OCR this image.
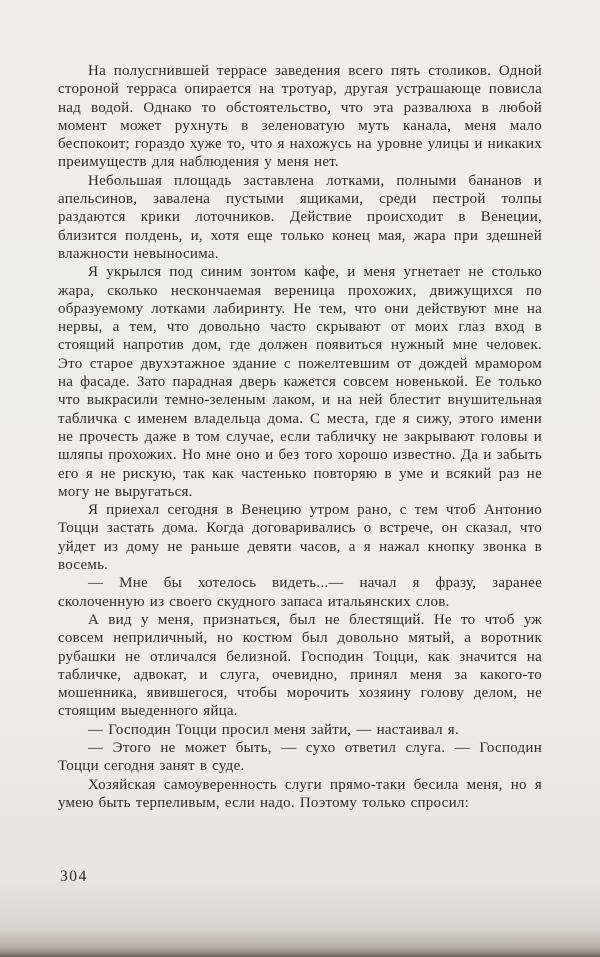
На полусгнившей террасе заведения всего пять столиков. Одной стороной терраса опирается на тротуар, другая устрашающе повисла над водой. Однако то обстоятельство, что эта развалюха в любой момент может рухнуть в зеленоватую муть канала, меня мало беспокоит; гораздо хуже то, что я нахожусь на уровне улицы и никаких преимуществ для наблюдения у меня нет.

Небольшая площадь заставлена лотками, полными бананов и апельсинов, завалена пустыми ящиками, среди пестрой толпы раздаются крики лоточников. Действие происходит в Венеции, близится полдень, и, хотя еще только конец мая, жара при здешней влажности невыносима.

Я укрылся под синим зонтом кафе, и меня угнетает не столько жара, сколько нескончаемая вереница прохожих, движущихся по образуемому лотками лабиринту. Не тем, что они действуют мне на нервы, а тем, что довольно часто скрывают от моих глаз вход в стоящий напротив дом, где должен появиться нужный мне человек. Это старое двухэтажное здание с пожелтевшим от дождей мрамором на фасаде. Зато парадная дверь кажется совсем новенькой. Ее только что выкрасили темно-зеленым лаком, и на ней блестит внушительная табличка с именем владельца дома. С места, где я сижу, этого имени не прочесть даже в том случае, если табличку не закрывают головы и шляпы прохожих. Но мне оно и без того хорошо известно. Да и забыть его я не рискую, так как частенько повторяю в уме и всякий раз не могу не выругаться.

Я приехал сегодня в Венецию утром рано, с тем чтоб Антонио Тоцци застать дома. Когда договаривались о встрече, он сказал, что уйдет из дому не раньше девяти часов, а я нажал кнопку звонка в восемь.

— Мне бы хотелось видеть...— начал я фразу, заранее сколоченную из своего скудного запаса итальянских слов.

А вид у меня, признаться, был не блестящий. Не то чтоб уж совсем неприличный, но костюм был довольно мятый, а воротник рубашки не отличался белизной. Господин Тоцци, как значится на табличке, адвокат, и слуга, очевидно, принял меня за какого-то мошенника, явившегося, чтобы морочить хозяину голову делом, не стоящим выеденного яйца.

— Господин Тоцци просил меня зайти, — настаивал я.

— Этого не может быть, — сухо ответил слуга. — Господин Тоцци сегодня занят в суде.

Хозяйская самоуверенность слуги прямо-таки бесила меня, но я умею быть терпеливым, если надо. Поэтому только спросил:

304
